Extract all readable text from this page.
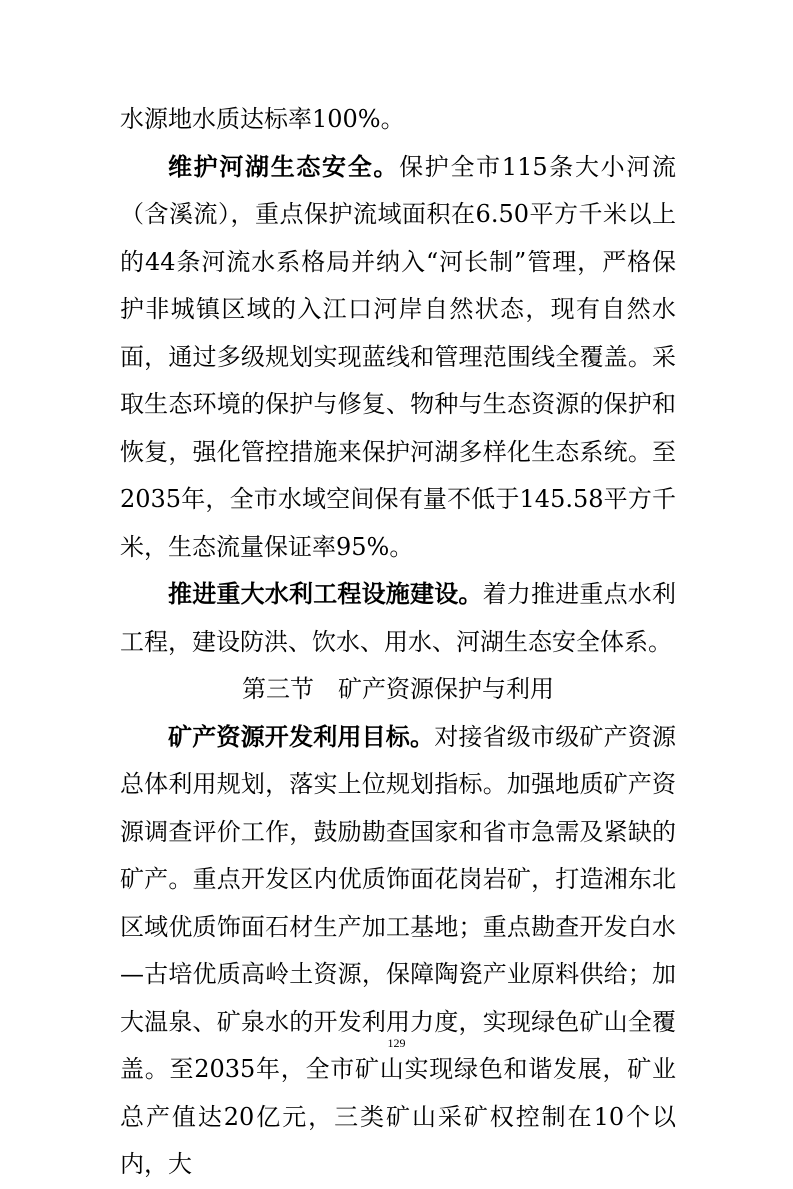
水源地水质达标率100%。

维护河湖生态安全。保护全市115条大小河流（含溪流），重点保护流域面积在6.50平方千米以上的44条河流水系格局并纳入“河长制”管理，严格保护非城镇区域的入江口河岸自然状态，现有自然水面，通过多级规划实现蓝线和管理范围线全覆盖。采取生态环境的保护与修复、物种与生态资源的保护和恢复，强化管控措施来保护河湖多样化生态系统。至2035年，全市水域空间保有量不低于145.58平方千米，生态流量保证率95%。

推进重大水利工程设施建设。着力推进重点水利工程，建设防洪、饮水、用水、河湖生态安全体系。

第三节　矿产资源保护与利用

矿产资源开发利用目标。对接省级市级矿产资源总体利用规划，落实上位规划指标。加强地质矿产资源调查评价工作，鼓励勘查国家和省市急需及紧缺的矿产。重点开发区内优质饰面花岗岩矿，打造湘东北区域优质饰面石材生产加工基地；重点勘查开发白水—古培优质高岭土资源，保障陶瓷产业原料供给；加大温泉、矿泉水的开发利用力度，实现绿色矿山全覆盖。至2035年，全市矿山实现绿色和谐发展，矿业总产值达20亿元，三类矿山采矿权控制在10个以内，大

129
